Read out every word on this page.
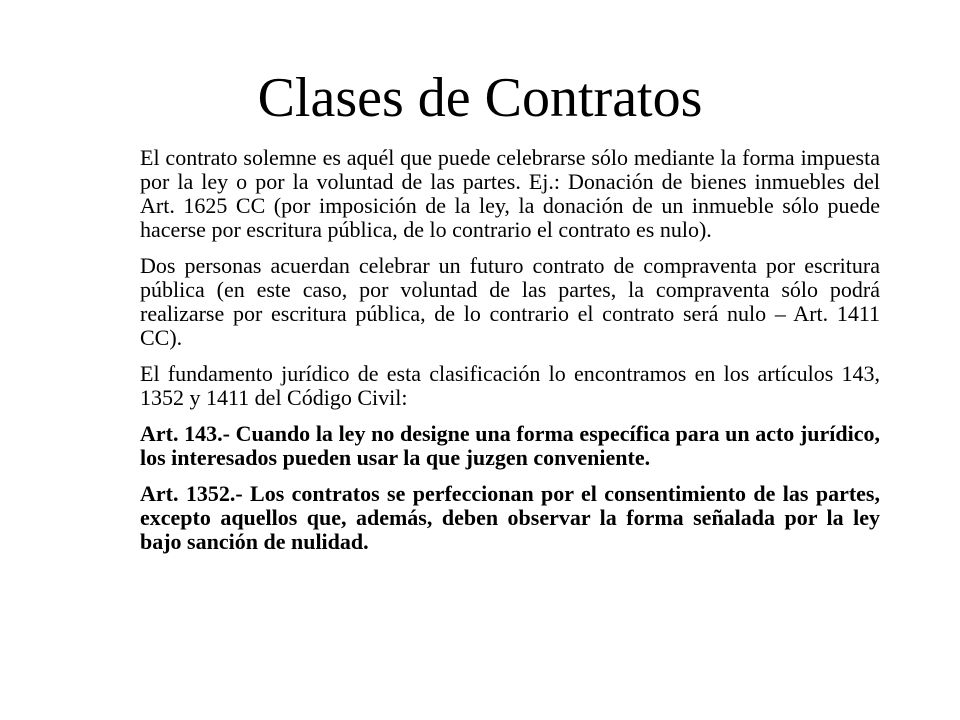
Clases de Contratos

El contrato solemne es aquél que puede celebrarse sólo mediante la forma impuesta por la ley o por la voluntad de las partes. Ej.: Donación de bienes inmuebles del Art. 1625 CC (por imposición de la ley, la donación de un inmueble sólo puede hacerse por escritura pública, de lo contrario el contrato es nulo).

Dos personas acuerdan celebrar un futuro contrato de compraventa por escritura pública (en este caso, por voluntad de las partes, la compraventa sólo podrá realizarse por escritura pública, de lo contrario el contrato será nulo – Art. 1411 CC).

El fundamento jurídico de esta clasificación lo encontramos en los artículos 143, 1352 y 1411 del Código Civil:

Art. 143.- Cuando la ley no designe una forma específica para un acto jurídico, los interesados pueden usar la que juzgen conveniente.

Art. 1352.- Los contratos se perfeccionan por el consentimiento de las partes, excepto aquellos que, además, deben observar la forma señalada por la ley bajo sanción de nulidad.
